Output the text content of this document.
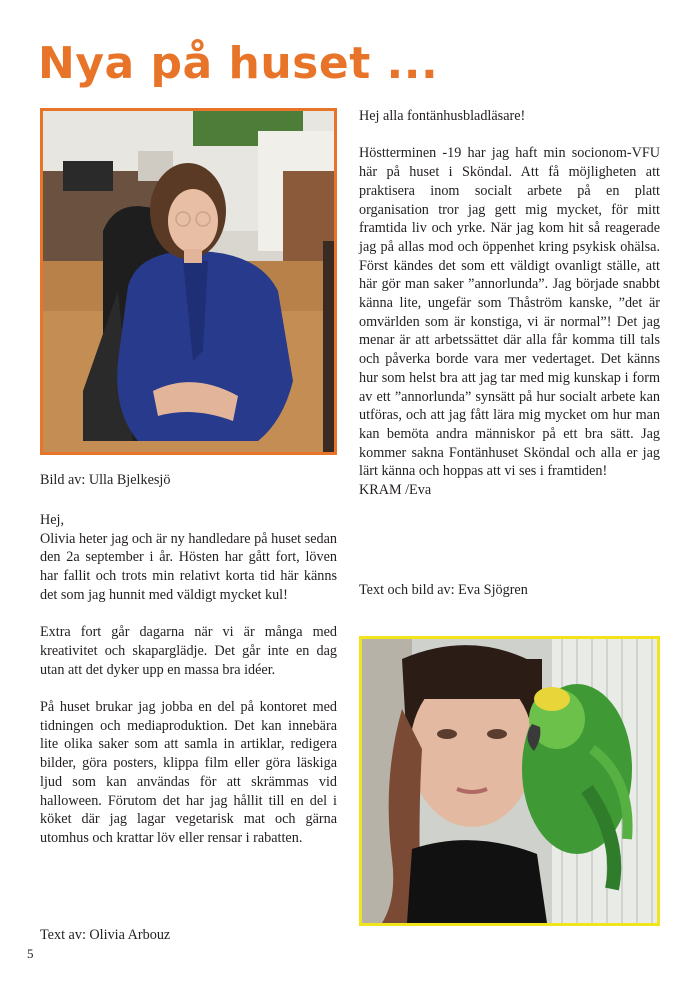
Nya på huset ...

Bild av: Ulla Bjelkesjö

Hej,

Olivia heter jag och är ny handledare på huset sedan den 2a september i år. Hösten har gått fort, löven har fallit och trots min relativt korta tid här känns det som jag hunnit med väldigt mycket kul!

Extra fort går dagarna när vi är många med kreativitet och skaparglädje. Det går inte en dag utan att det dyker upp en massa bra idéer.

På huset brukar jag jobba en del på kontoret med tidningen och mediaproduktion. Det kan innebära lite olika saker som att samla in artiklar, redigera bilder, göra posters, klippa film eller göra läskiga ljud som kan användas för att skrämmas vid halloween. Förutom det har jag hållit till en del i köket där jag lagar vegetarisk mat och gärna utomhus och krattar löv eller rensar i rabatten.

Text av: Olivia Arbouz

Hej alla fontänhusbladläsare!

Höstterminen -19 har jag haft min socionom-VFU här på huset i Sköndal. Att få möjligheten att praktisera inom socialt arbete på en platt organisation tror jag gett mig mycket, för mitt framtida liv och yrke. När jag kom hit så reagerade jag på allas mod och öppenhet kring psykisk ohälsa. Först kändes det som ett väldigt ovanligt ställe, att här gör man saker ”annorlunda”. Jag började snabbt känna lite, ungefär som Thåström kanske, ”det är omvärlden som är konstiga, vi är normal”! Det jag menar är att arbetssättet där alla får komma till tals och påverka borde vara mer vedertaget. Det känns hur som helst bra att jag tar med mig kunskap i form av ett ”annorlunda” synsätt på hur socialt arbete kan utföras, och att jag fått lära mig mycket om hur man kan bemöta andra människor på ett bra sätt. Jag kommer sakna Fontänhuset Sköndal och alla er jag lärt känna och hoppas att vi ses i framtiden!

KRAM /Eva

Text och bild av: Eva Sjögren

5
